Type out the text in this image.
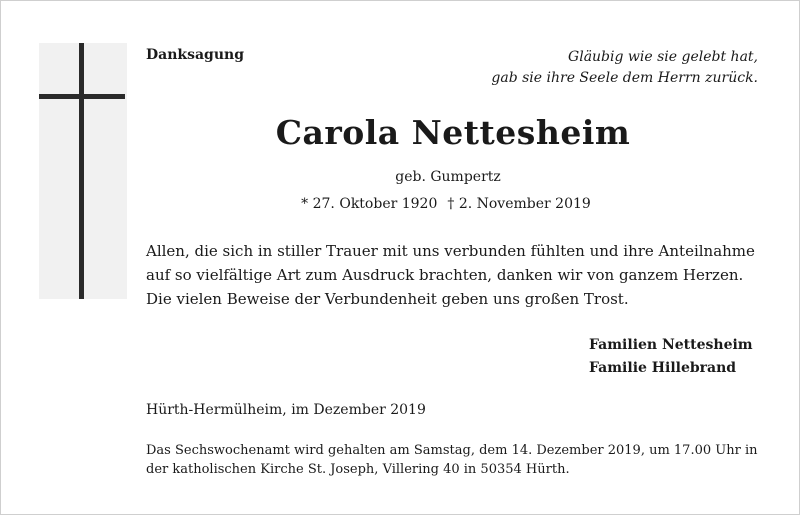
Danksagung	Gläubig wie sie gelebt hat,
gab sie ihre Seele dem Herrn zurück.
Carola Nettesheim
geb. Gumpertz
* 27. Oktober 1920 † 2. November 2019
Allen, die sich in stiller Trauer mit uns verbunden fühlten und ihre Anteilnahme
auf so vielfältige Art zum Ausdruck brachten, danken wir von ganzem Herzen.
Die vielen Beweise der Verbundenheit geben uns großen Trost.
Familien Nettesheim
Familie Hillebrand
Hürth-Hermülheim, im Dezember 2019
Das Sechswochenamt wird gehalten am Samstag, dem 14. Dezember 2019, um 17.00 Uhr in
der katholischen Kirche St. Joseph, Villering 40 in 50354 Hürth.
